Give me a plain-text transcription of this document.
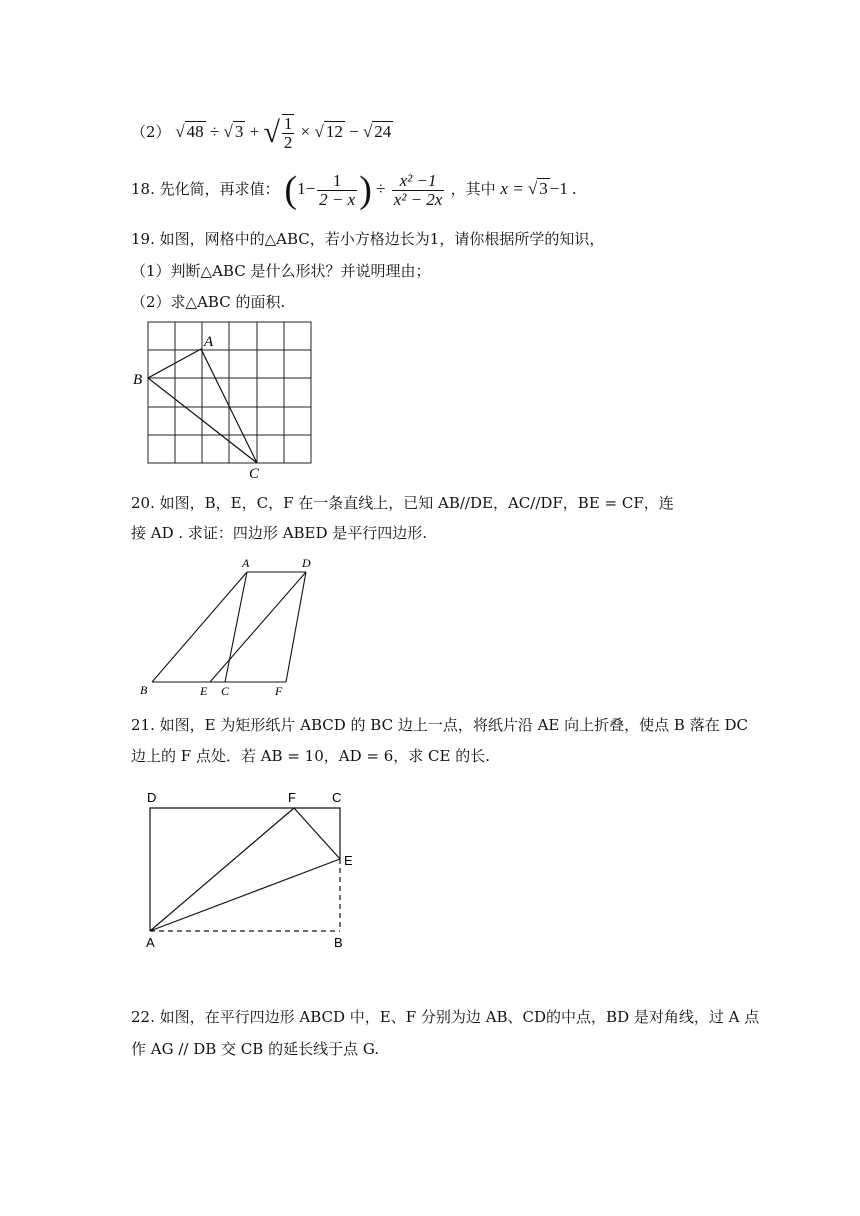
（2） √ 48 ÷ √ 3 + √ $\frac{1}{2}$ × √ 12 − √ 24
18. 先化简，再求值： ($1- \frac{1}{2 - x}$ ) ÷ $\frac{\text{x² −1}}{\text{x² − 2x}}$ ，其中 x = √ 3 −1 .
19. 如图，网格中的△ABC，若小方格边长为1，请你根据所学的知识，
（1）判断△ABC 是什么形状？并说明理由；
（2）求△ABC 的面积.
A
B
C
20. 如图，B，E，C，F 在一条直线上，已知 AB//DE，AC//DF，BE = CF，连
接 AD . 求证：四边形 ABED 是平行四边形.
A	D
B	E C	F
21. 如图，E 为矩形纸片 ABCD 的 BC 边上一点，将纸片沿 AE 向上折叠，使点 B 落在 DC
边上的 F 点处．若 AB = 10，AD = 6，求 CE 的长.
D	F	C
E
A	B
22. 如图，在平行四边形 ABCD 中，E、F 分别为边 AB、CD的中点，BD 是对角线，过 A 点
作 AG // DB 交 CB 的延长线于点 G.
